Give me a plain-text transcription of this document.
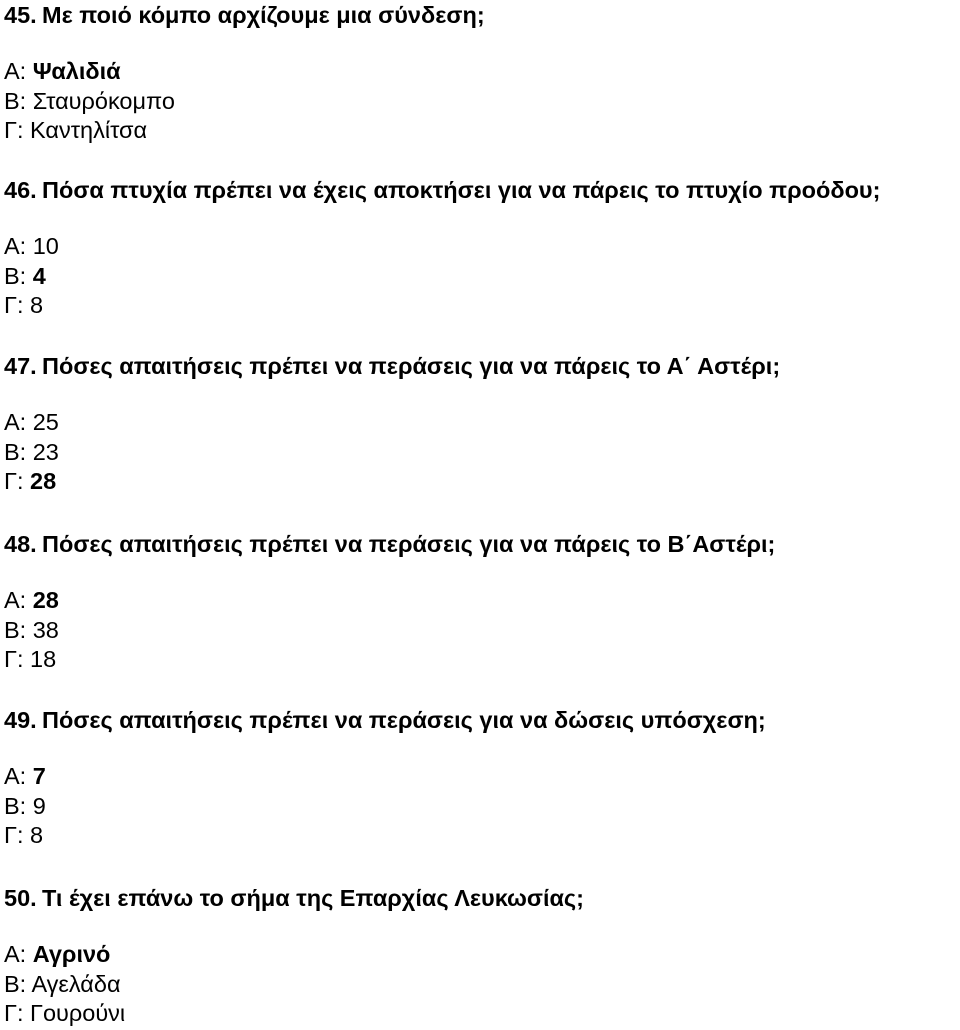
45. Με ποιό κόμπο αρχίζουμε μια σύνδεση;
Α: Ψαλιδιά
Β: Σταυρόκομπο
Γ: Καντηλίτσα
46. Πόσα πτυχία πρέπει να έχεις αποκτήσει για να πάρεις το πτυχίο προόδου;
Α: 10
Β: 4
Γ: 8
47. Πόσες απαιτήσεις πρέπει να περάσεις για να πάρεις το Α΄ Αστέρι;
Α: 25
Β: 23
Γ: 28
48. Πόσες απαιτήσεις πρέπει να περάσεις για να πάρεις το Β΄Αστέρι;
Α: 28
Β: 38
Γ: 18
49. Πόσες απαιτήσεις πρέπει να περάσεις για να δώσεις υπόσχεση;
Α: 7
Β: 9
Γ: 8
50. Τι έχει επάνω το σήμα της Επαρχίας Λευκωσίας;
Α: Αγρινό
Β: Αγελάδα
Γ: Γουρούνι
